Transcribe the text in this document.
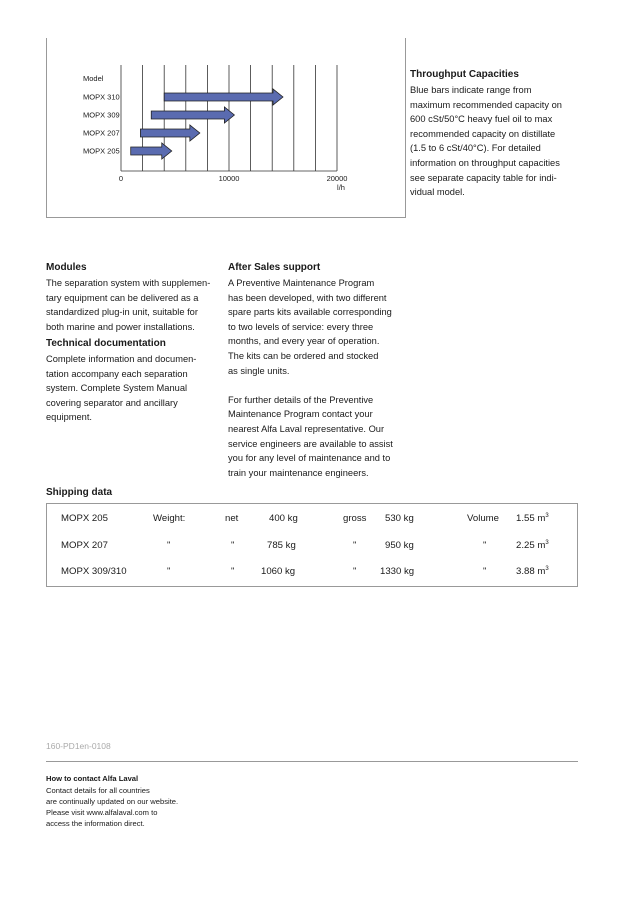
Model
MOPX 310
MOPX 309
MOPX 207
MOPX 205
0	10000	20000
l/h
Throughput Capacities

Blue bars indicate range from

maximum recommended capacity on

600 cSt/50°C heavy fuel oil to max

recommended capacity on distillate

(1.5 to 6 cSt/40°C). For detailed

information on throughput capacities

see separate capacity table for indi-

vidual model.

Modules

The separation system with supplemen-

tary equipment can be delivered as a

standardized plug-in unit, suitable for

both marine and power installations.

Technical documentation

Complete information and documen-

tation accompany each separation

system. Complete System Manual

covering separator and ancillary

equipment.

After Sales support

A Preventive Maintenance Program

has been developed, with two different

spare parts kits available corresponding

to two levels of service: every three

months, and every year of operation.

The kits can be ordered and stocked

as single units.

For further details of the Preventive

Maintenance Program contact your

nearest Alfa Laval representative. Our

service engineers are available to assist

you for any level of maintenance and to

train your maintenance engineers.

Shipping data
MOPX 205	Weight:	net	400 kg	gross 530 kg	Volume 1.55 $m^3$
MOPX 207	"	"	785 kg	"	950 kg	"	2.25 $m^3$
MOPX 309/310	"	"	1060 kg	" 1330 kg	"	3.88 $m^3$
160-PD1en-0108
How to contact Alfa Laval

Contact details for all countries

are continually updated on our website.

Please visit www.alfalaval.com to

access the information direct.
